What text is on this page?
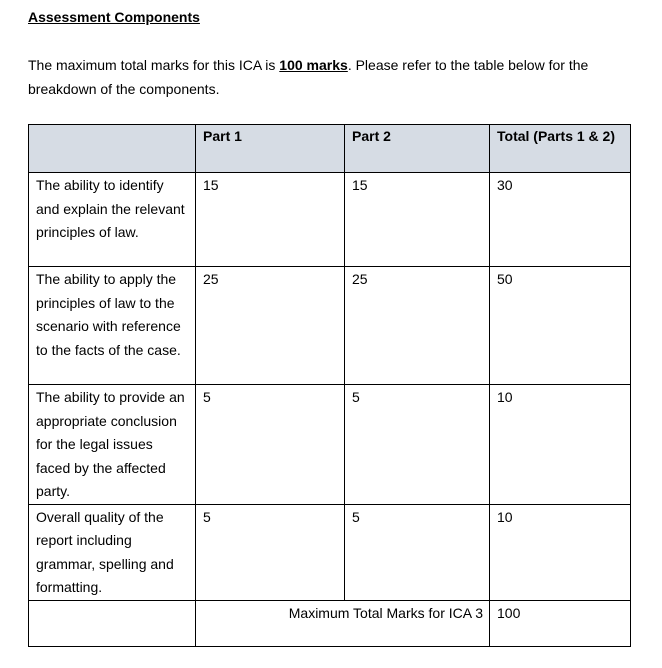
Assessment Components

The maximum total marks for this ICA is 100 marks. Please refer to the table below for the breakdown of the components.

	Part 1	Part 2	Total (Parts 1 & 2)
The ability to identify and explain the relevant principles of law.	15	15	30
The ability to apply the principles of law to the scenario with reference to the facts of the case.	25	25	50
The ability to provide an appropriate conclusion for the legal issues faced by the affected party.	5	5	10
Overall quality of the report including grammar, spelling and formatting.	5	5	10
	Maximum Total Marks for ICA 3		100
